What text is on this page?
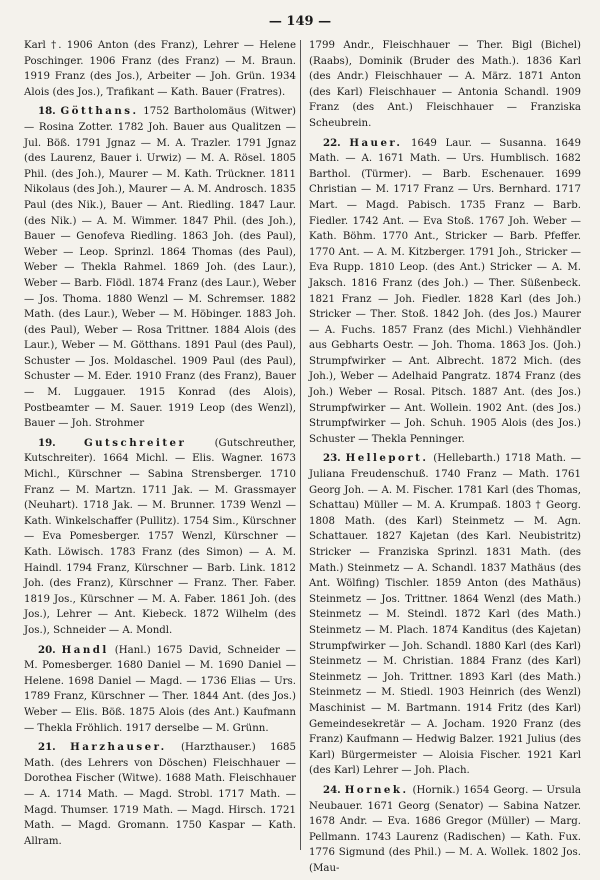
— 149 —

Karl †. 1906 Anton (des Franz), Lehrer — Helene Poschinger. 1906 Franz (des Franz) — M. Braun. 1919 Franz (des Jos.), Arbeiter — Joh. Grün. 1934 Alois (des Jos.), Trafikant — Kath. Bauer (Fratres).

18. Götthans. 1752 Bartholomäus (Witwer) — Rosina Zotter. 1782 Joh. Bauer aus Qualitzen — Jul. Böß. 1791 Jgnaz — M. A. Trazler. 1791 Jgnaz (des Laurenz, Bauer i. Urwiz) — M. A. Rösel. 1805 Phil. (des Joh.), Maurer — M. Kath. Trückner. 1811 Nikolaus (des Joh.), Maurer — A. M. Androsch. 1835 Paul (des Nik.), Bauer — Ant. Riedling. 1847 Laur. (des Nik.) — A. M. Wimmer. 1847 Phil. (des Joh.), Bauer — Genofeva Riedling. 1863 Joh. (des Paul), Weber — Leop. Sprinzl. 1864 Thomas (des Paul), Weber — Thekla Rahmel. 1869 Joh. (des Laur.), Weber — Barb. Flödl. 1874 Franz (des Laur.), Weber — Jos. Thoma. 1880 Wenzl — M. Schremser. 1882 Math. (des Laur.), Weber — M. Höbinger. 1883 Joh. (des Paul), Weber — Rosa Trittner. 1884 Alois (des Laur.), Weber — M. Götthans. 1891 Paul (des Paul), Schuster — Jos. Moldaschel. 1909 Paul (des Paul), Schuster — M. Eder. 1910 Franz (des Franz), Bauer — M. Luggauer. 1915 Konrad (des Alois), Postbeamter — M. Sauer. 1919 Leop (des Wenzl), Bauer — Joh. Strohmer

19.	Gutschreiter	(Gutschreuther, Kutschreiter). 1664 Michl. — Elis. Wagner. 1673 Michl., Kürschner — Sabina Strensberger. 1710 Franz — M. Martzn. 1711 Jak. — M. Grassmayer (Neuhart). 1718 Jak. — M. Brunner. 1739 Wenzl — Kath. Winkelschaffer (Pullitz). 1754 Sim., Kürschner — Eva Pomesberger. 1757 Wenzl, Kürschner — Kath. Löwisch. 1783 Franz (des Simon) — A. M. Haindl. 1794 Franz, Kürschner — Barb. Link. 1812 Joh. (des Franz), Kürschner — Franz. Ther. Faber. 1819 Jos., Kürschner — M. A. Faber. 1861 Joh. (des Jos.), Lehrer — Ant. Kiebeck. 1872 Wilhelm (des Jos.), Schneider — A. Mondl.

20. Handl (Hanl.) 1675 David, Schneider — M. Pomesberger. 1680 Daniel — M. 1690 Daniel — Helene. 1698 Daniel — Magd. — 1736 Elias — Urs. 1789 Franz, Kürschner — Ther. 1844 Ant. (des Jos.) Weber — Elis. Böß. 1875 Alois (des Ant.) Kaufmann — Thekla Fröhlich. 1917 derselbe — M. Grünn.

21. Harzhauser. (Harzthauser.) 1685 Math. (des Lehrers von Döschen) Fleischhauer — Dorothea Fischer (Witwe). 1688 Math. Fleischhauer — A. 1714 Math. — Magd. Strobl. 1717 Math. — Magd. Thumser. 1719 Math. — Magd. Hirsch. 1721 Math. — Magd. Gromann. 1750 Kaspar — Kath. Allram.

1799 Andr., Fleischhauer — Ther. Bigl (Bichel) (Raabs), Dominik (Bruder des Math.). 1836 Karl (des Andr.) Fleischhauer — A. März. 1871 Anton (des Karl) Fleischhauer — Antonia Schandl. 1909 Franz (des Ant.) Fleischhauer — Franziska Scheubrein.

22. Hauer. 1649 Laur. — Susanna. 1649 Math. — A. 1671 Math. — Urs. Humblisch. 1682 Barthol. (Türmer). — Barb. Eschenauer. 1699 Christian — M. 1717 Franz — Urs. Bernhard. 1717 Mart. — Magd. Pabisch. 1735 Franz — Barb. Fiedler. 1742 Ant. — Eva Stoß. 1767 Joh. Weber — Kath. Böhm. 1770 Ant., Stricker — Barb. Pfeffer. 1770 Ant. — A. M. Kitzberger. 1791 Joh., Stricker — Eva Rupp. 1810 Leop. (des Ant.) Stricker — A. M. Jaksch. 1816 Franz (des Joh.) — Ther. Süßenbeck. 1821 Franz — Joh. Fiedler. 1828 Karl (des Joh.) Stricker — Ther. Stoß. 1842 Joh. (des Jos.) Maurer — A. Fuchs. 1857 Franz (des Michl.) Viehhändler aus Gebharts Oestr. — Joh. Thoma. 1863 Jos. (Joh.) Strumpfwirker — Ant. Albrecht. 1872 Mich. (des Joh.), Weber — Adelhaid Pangratz. 1874 Franz (des Joh.) Weber — Rosal. Pitsch. 1887 Ant. (des Jos.) Strumpfwirker — Ant. Wollein. 1902 Ant. (des Jos.) Strumpfwirker — Joh. Schuh. 1905 Alois (des Jos.) Schuster — Thekla Penninger.

23. Helleport. (Hellebarth.) 1718 Math. — Juliana Freudenschuß. 1740 Franz — Math. 1761 Georg Joh. — A. M. Fischer. 1781 Karl (des Thomas, Schattau) Müller — M. A. Krumpaß. 1803 † Georg. 1808 Math. (des Karl) Steinmetz — M. Agn. Schattauer. 1827 Kajetan (des Karl. Neubistritz) Stricker — Franziska Sprinzl. 1831 Math. (des Math.) Steinmetz — A. Schandl. 1837 Mathäus (des Ant. Wölfing) Tischler. 1859 Anton (des Mathäus) Steinmetz — Jos. Trittner. 1864 Wenzl (des Math.) Steinmetz — M. Steindl. 1872 Karl (des Math.) Steinmetz — M. Plach. 1874 Kanditus (des Kajetan) Strumpfwirker — Joh. Schandl. 1880 Karl (des Karl) Steinmetz — M. Christian. 1884 Franz (des Karl) Steinmetz — Joh. Trittner. 1893 Karl (des Math.) Steinmetz — M. Stiedl. 1903 Heinrich (des Wenzl) Maschinist — M. Bartmann. 1914 Fritz (des Karl) Gemeindesekretär — A. Jocham. 1920 Franz (des Franz) Kaufmann — Hedwig Balzer. 1921 Julius (des Karl) Bürgermeister — Aloisia Fischer. 1921 Karl (des Karl) Lehrer — Joh. Plach.

24. Hornek. (Hornik.) 1654 Georg. — Ursula Neubauer. 1671 Georg (Senator) — Sabina Natzer. 1678 Andr. — Eva. 1686 Gregor (Müller) — Marg. Pellmann. 1743 Laurenz (Radischen) — Kath. Fux. 1776 Sigmund (des Phil.) — M. A. Wollek. 1802 Jos. (Mau-
